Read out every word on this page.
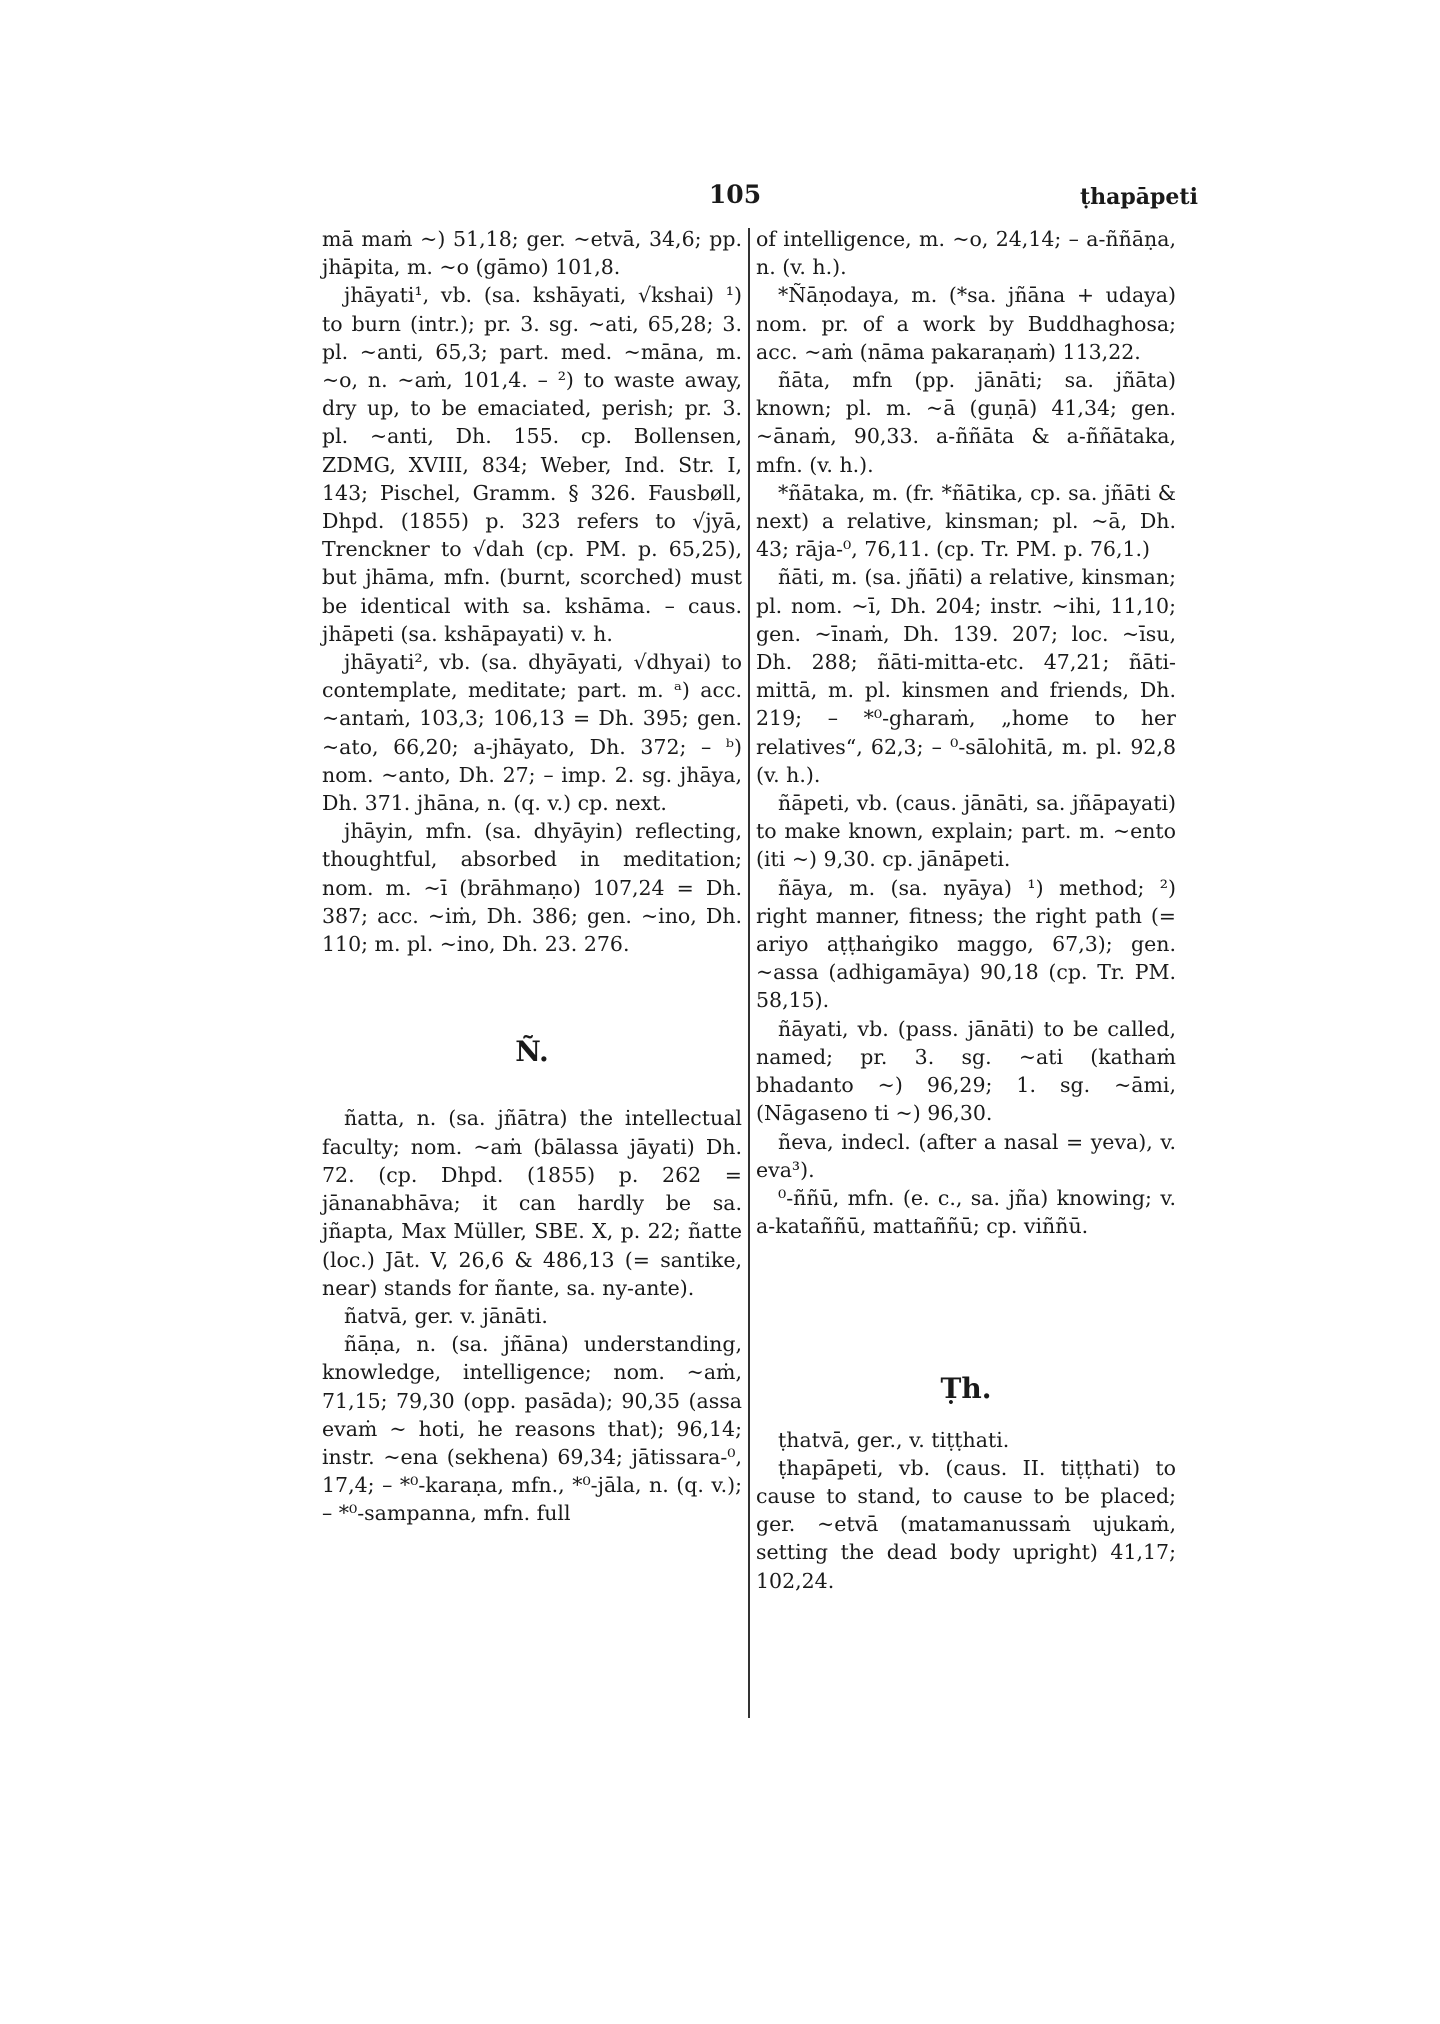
105	ṭhapāpeti

mā maṁ ~) 51,18; ger. ~etvā, 34,6; pp. jhāpita, m. ~o (gāmo) 101,8.

jhāyati¹, vb. (sa. kshāyati, √kshai) ¹) to burn (intr.); pr. 3. sg. ~ati, 65,28; 3. pl. ~anti, 65,3; part. med. ~māna, m. ~o, n. ~aṁ, 101,4. – ²) to waste away, dry up, to be emaciated, perish; pr. 3. pl. ~anti, Dh. 155. cp. Bollensen, ZDMG, XVIII, 834; Weber, Ind. Str. I, 143; Pischel, Gramm. § 326. Fausbøll, Dhpd. (1855) p. 323 refers to √jyā, Trenckner to √dah (cp. PM. p. 65,25), but jhāma, mfn. (burnt, scorched) must be identical with sa. kshāma. – caus. jhāpeti (sa. kshāpayati) v. h.

jhāyati², vb. (sa. dhyāyati, √dhyai) to contemplate, meditate; part. m. ᵃ) acc. ~antaṁ, 103,3; 106,13 = Dh. 395; gen. ~ato, 66,20; a-jhāyato, Dh. 372; – ᵇ) nom. ~anto, Dh. 27; – imp. 2. sg. jhāya, Dh. 371. jhāna, n. (q. v.) cp. next.

jhāyin, mfn. (sa. dhyāyin) reflecting, thoughtful, absorbed in meditation; nom. m. ~ī (brāhmaṇo) 107,24 = Dh. 387; acc. ~iṁ, Dh. 386; gen. ~ino, Dh. 110; m. pl. ~ino, Dh. 23. 276.

Ñ.

ñatta, n. (sa. jñātra) the intellectual faculty; nom. ~aṁ (bālassa jāyati) Dh. 72. (cp. Dhpd. (1855) p. 262 = jānanabhāva; it can hardly be sa. jñapta, Max Müller, SBE. X, p. 22; ñatte (loc.) Jāt. V, 26,6 & 486,13 (= santike, near) stands for ñante, sa. ny-ante).

ñatvā, ger. v. jānāti.

ñāṇa, n. (sa. jñāna) understanding, knowledge, intelligence; nom. ~aṁ, 71,15; 79,30 (opp. pasāda); 90,35 (assa evaṁ ~ hoti, he reasons that); 96,14; instr. ~ena (sekhena) 69,34; jātissara-⁰, 17,4; – *⁰-karaṇa, mfn., *⁰-jāla, n. (q. v.); – *⁰-sampanna, mfn. full

of intelligence, m. ~o, 24,14; – a-ññāṇa, n. (v. h.).

*Ñāṇodaya, m. (*sa. jñāna + udaya) nom. pr. of a work by Buddhaghosa; acc. ~aṁ (nāma pakaraṇaṁ) 113,22.

ñāta, mfn (pp. jānāti; sa. jñāta) known; pl. m. ~ā (guṇā) 41,34; gen. ~ānaṁ, 90,33. a-ññāta & a-ññātaka, mfn. (v. h.).

*ñātaka, m. (fr. *ñātika, cp. sa. jñāti & next) a relative, kinsman; pl. ~ā, Dh. 43; rāja-⁰, 76,11. (cp. Tr. PM. p. 76,1.)

ñāti, m. (sa. jñāti) a relative, kinsman; pl. nom. ~ī, Dh. 204; instr. ~ihi, 11,10; gen. ~īnaṁ, Dh. 139. 207; loc. ~īsu, Dh. 288; ñāti-mitta-etc. 47,21; ñāti-mittā, m. pl. kinsmen and friends, Dh. 219; – *⁰-gharaṁ, „home to her relatives“, 62,3; – ⁰-sālohitā, m. pl. 92,8 (v. h.).

ñāpeti, vb. (caus. jānāti, sa. jñāpayati) to make known, explain; part. m. ~ento (iti ~) 9,30. cp. jānāpeti.

ñāya, m. (sa. nyāya) ¹) method; ²) right manner, fitness; the right path (= ariyo aṭṭhaṅgiko maggo, 67,3); gen. ~assa (adhigamāya) 90,18 (cp. Tr. PM. 58,15).

ñāyati, vb. (pass. jānāti) to be called, named; pr. 3. sg. ~ati (kathaṁ bhadanto ~) 96,29; 1. sg. ~āmi, (Nāgaseno ti ~) 96,30.

ñeva, indecl. (after a nasal = yeva), v. eva³).

⁰-ññū, mfn. (e. c., sa. jña) knowing; v. a-kataññū, mattaññū; cp. viññū.

Ṭh.

ṭhatvā, ger., v. tiṭṭhati.

ṭhapāpeti, vb. (caus. II. tiṭṭhati) to cause to stand, to cause to be placed; ger. ~etvā (matamanussaṁ ujukaṁ, setting the dead body upright) 41,17; 102,24.
